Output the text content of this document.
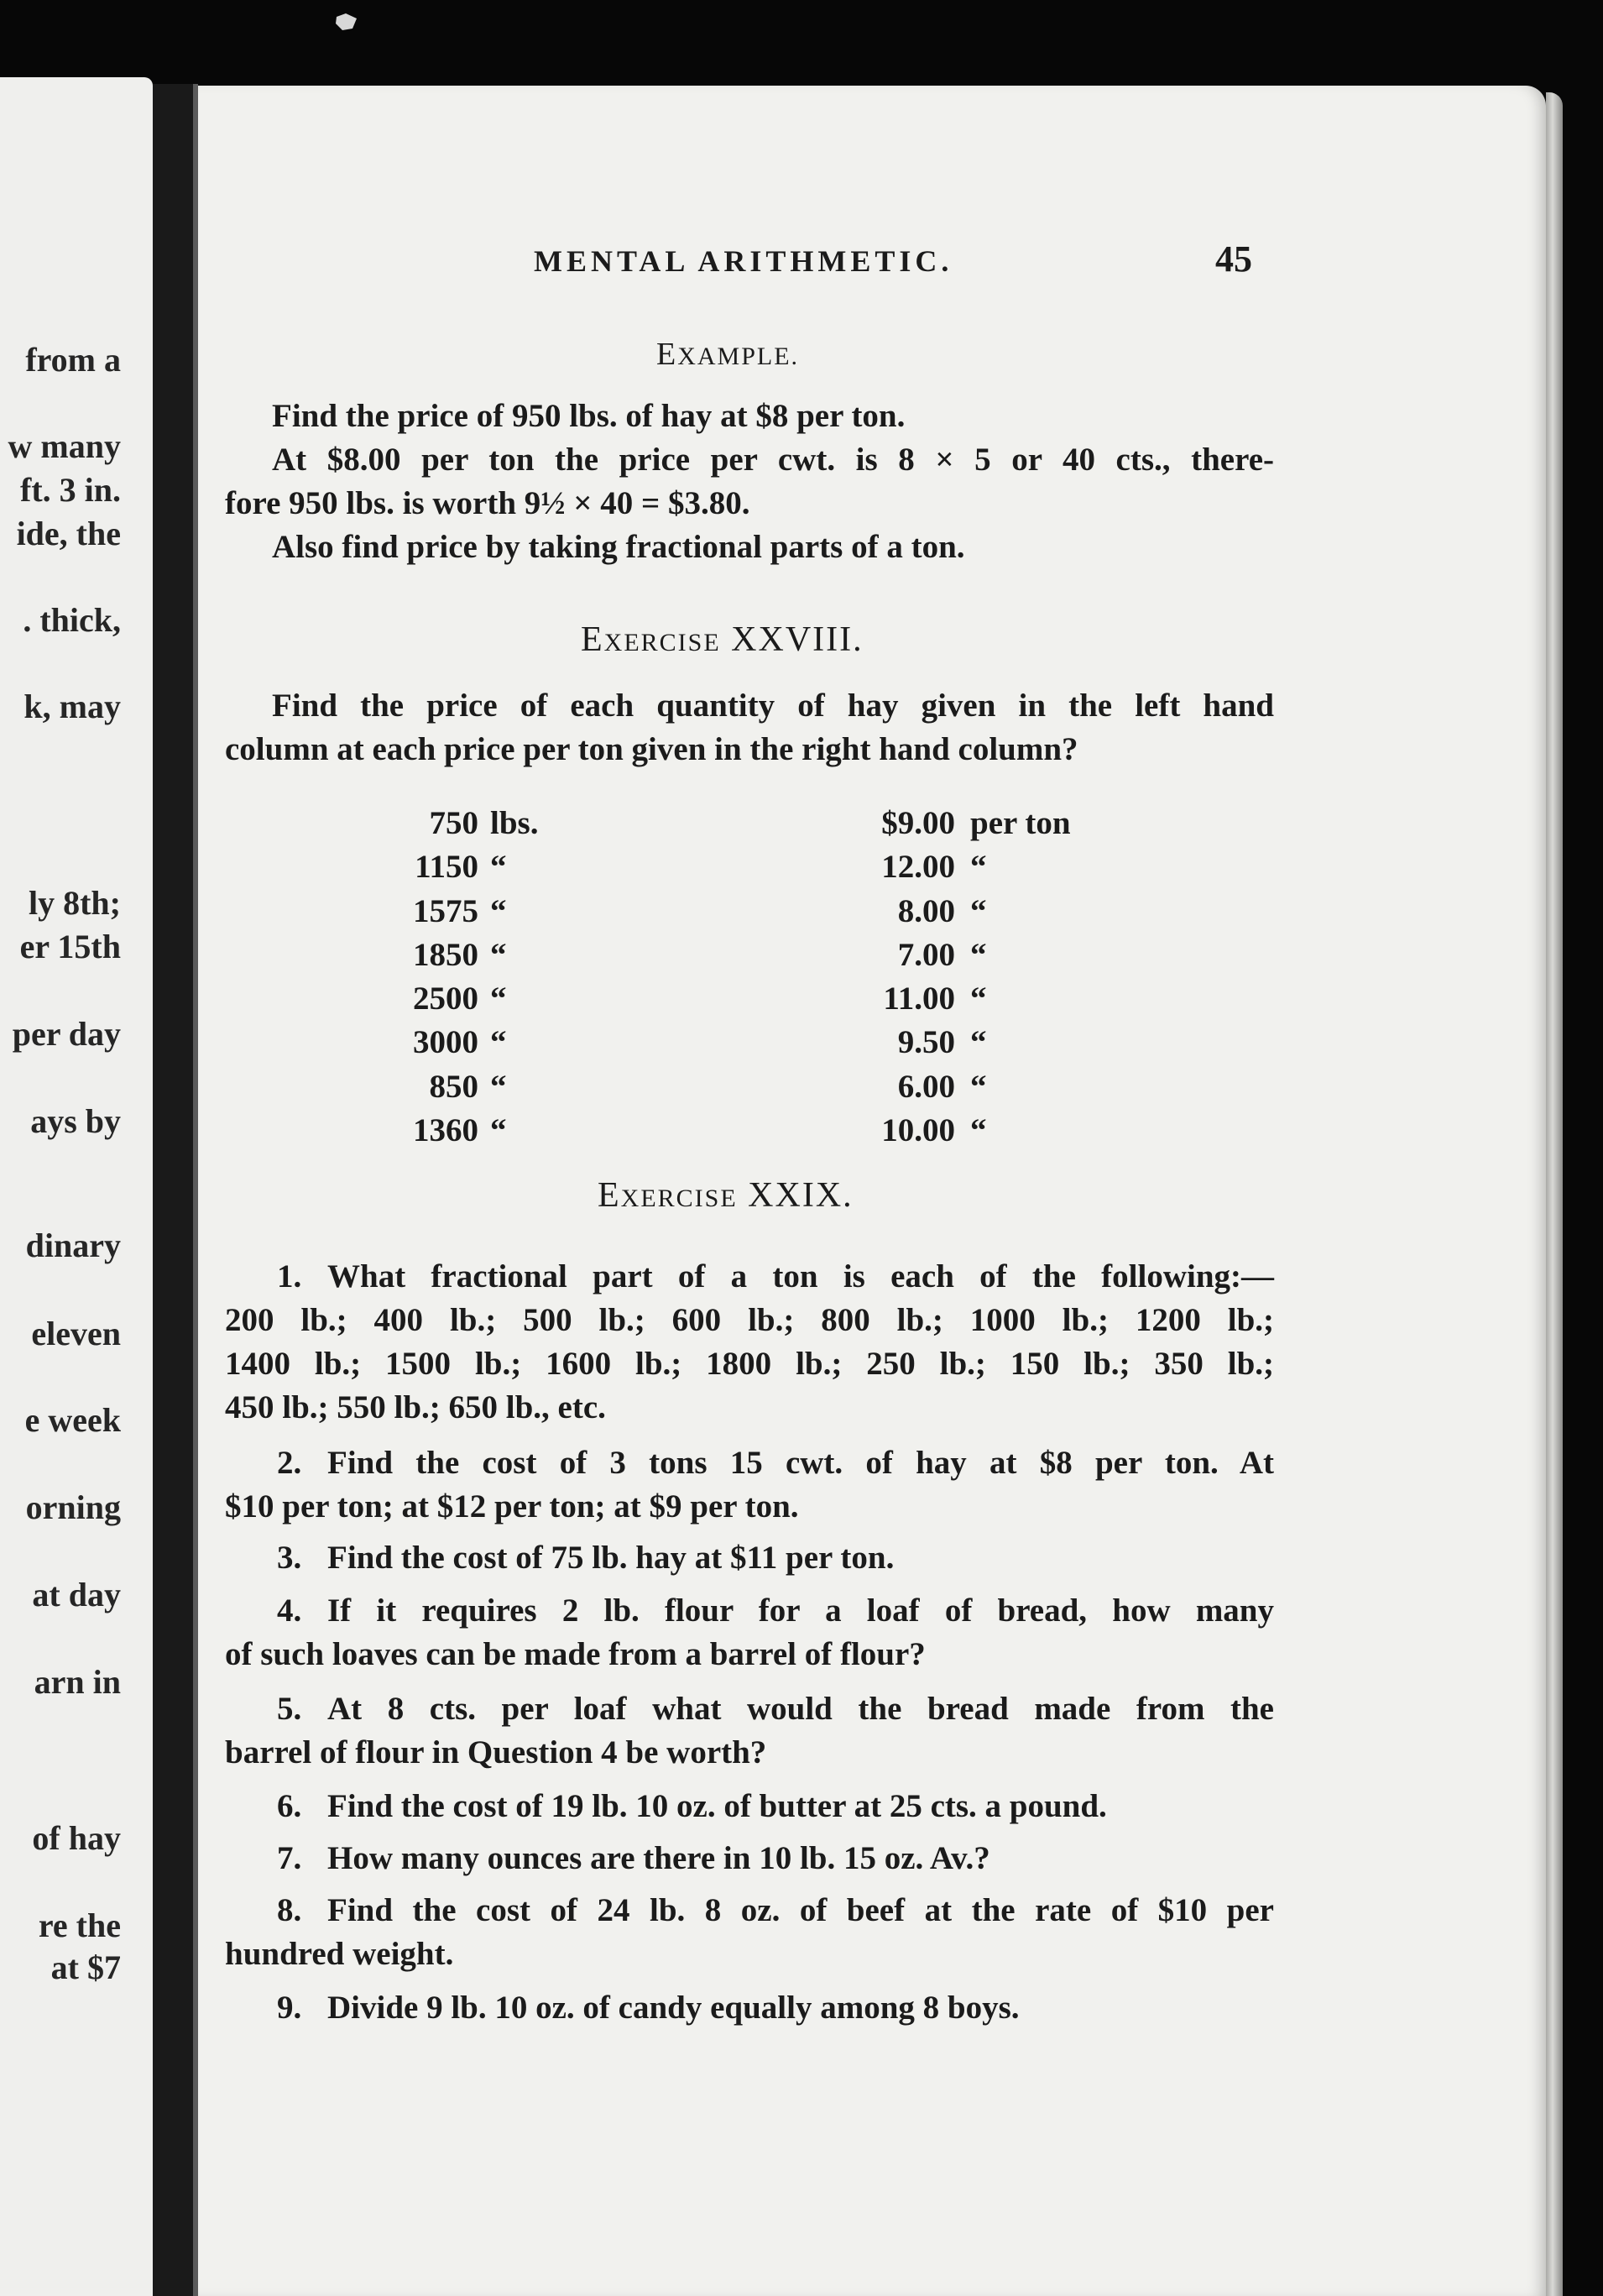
from a
w many
ft. 3 in.
ide, the
. thick,
k, may
ly 8th;
er 15th
per day
ays by
dinary
eleven
e week
orning
at day
arn in
of hay
re the
at $7
MENTAL ARITHMETIC.	45
EXAMPLE.
Find the price of 950 lbs. of hay at $8 per ton.
At $8.00 per ton the price per cwt. is 8 × 5 or 40 cts., there-
fore 950 lbs. is worth 9½ × 40 = $3.80.
Also find price by taking fractional parts of a ton.
EXERCISE XXVIII.
Find the price of each quantity of hay given in the left hand
column at each price per ton given in the right hand column?
750 lbs.
1150 “
1575 “
1850 “
2500 “
3000 “
850 “
1360 “
$9.00 per ton
12.00 “
8.00 “
7.00 “
11.00 “
9.50 “
6.00 “
10.00 “
EXERCISE XXIX.
1. What fractional part of a ton is each of the following:—
200 lb.; 400 lb.; 500 lb.; 600 lb.; 800 lb.; 1000 lb.; 1200 lb.;
1400 lb.; 1500 lb.; 1600 lb.; 1800 lb.; 250 lb.; 150 lb.; 350 lb.;
450 lb.; 550 lb.; 650 lb., etc.
2. Find the cost of 3 tons 15 cwt. of hay at $8 per ton. At
$10 per ton; at $12 per ton; at $9 per ton.
3. Find the cost of 75 lb. hay at $11 per ton.
4. If it requires 2 lb. flour for a loaf of bread, how many
of such loaves can be made from a barrel of flour?
5. At 8 cts. per loaf what would the bread made from the
barrel of flour in Question 4 be worth?
6. Find the cost of 19 lb. 10 oz. of butter at 25 cts. a pound.
7. How many ounces are there in 10 lb. 15 oz. Av.?
8. Find the cost of 24 lb. 8 oz. of beef at the rate of $10 per
hundred weight.
9. Divide 9 lb. 10 oz. of candy equally among 8 boys.
